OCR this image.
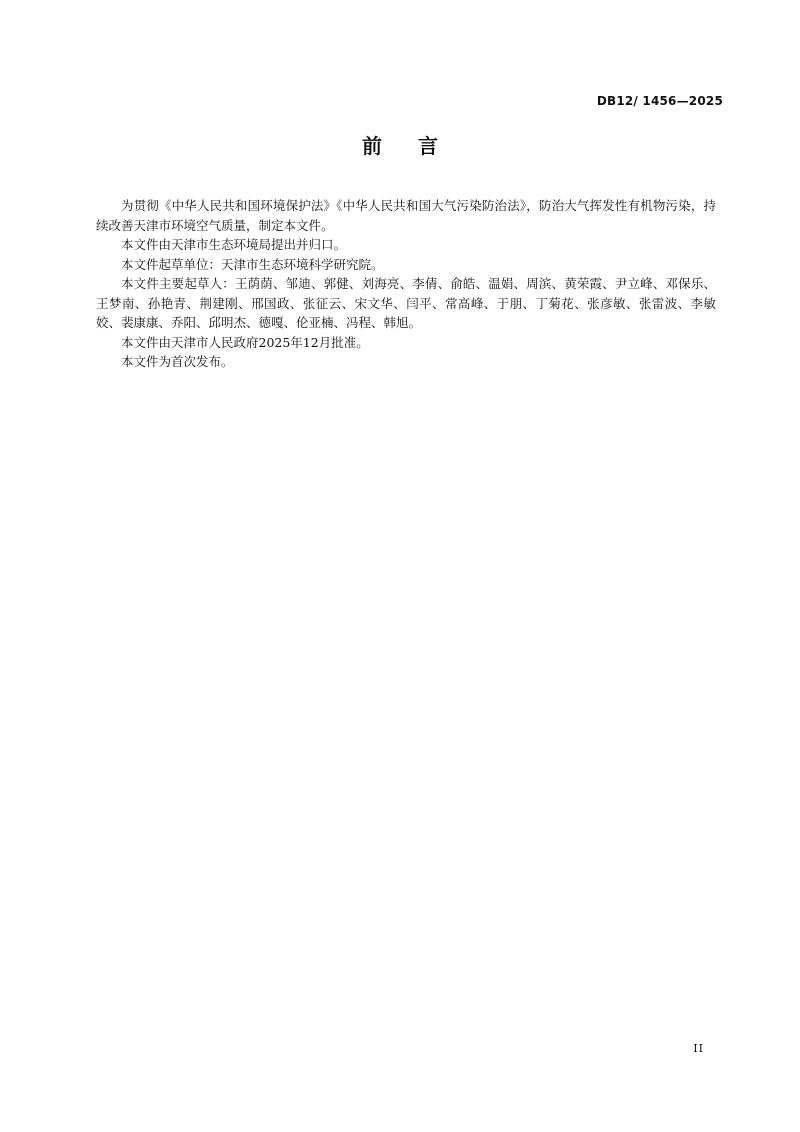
DB12/ 1456—2025
前言

为贯彻《中华人民共和国环境保护法》《中华人民共和国大气污染防治法》，防治大气挥发性有机物污染，持续改善天津市环境空气质量，制定本文件。

本文件由天津市生态环境局提出并归口。

本文件起草单位：天津市生态环境科学研究院。

本文件主要起草人：王荫荫、邹迪、郭健、刘海亮、李倩、俞皓、温娟、周滨、黄荣霞、尹立峰、邓保乐、王梦南、孙艳青、荆建刚、邢国政、张征云、宋文华、闫平、常高峰、于朋、丁菊花、张彦敏、张雷波、李敏姣、裴康康、乔阳、邱明杰、德嘎、伦亚楠、冯程、韩旭。

本文件由天津市人民政府2025年12月批准。

本文件为首次发布。

II
